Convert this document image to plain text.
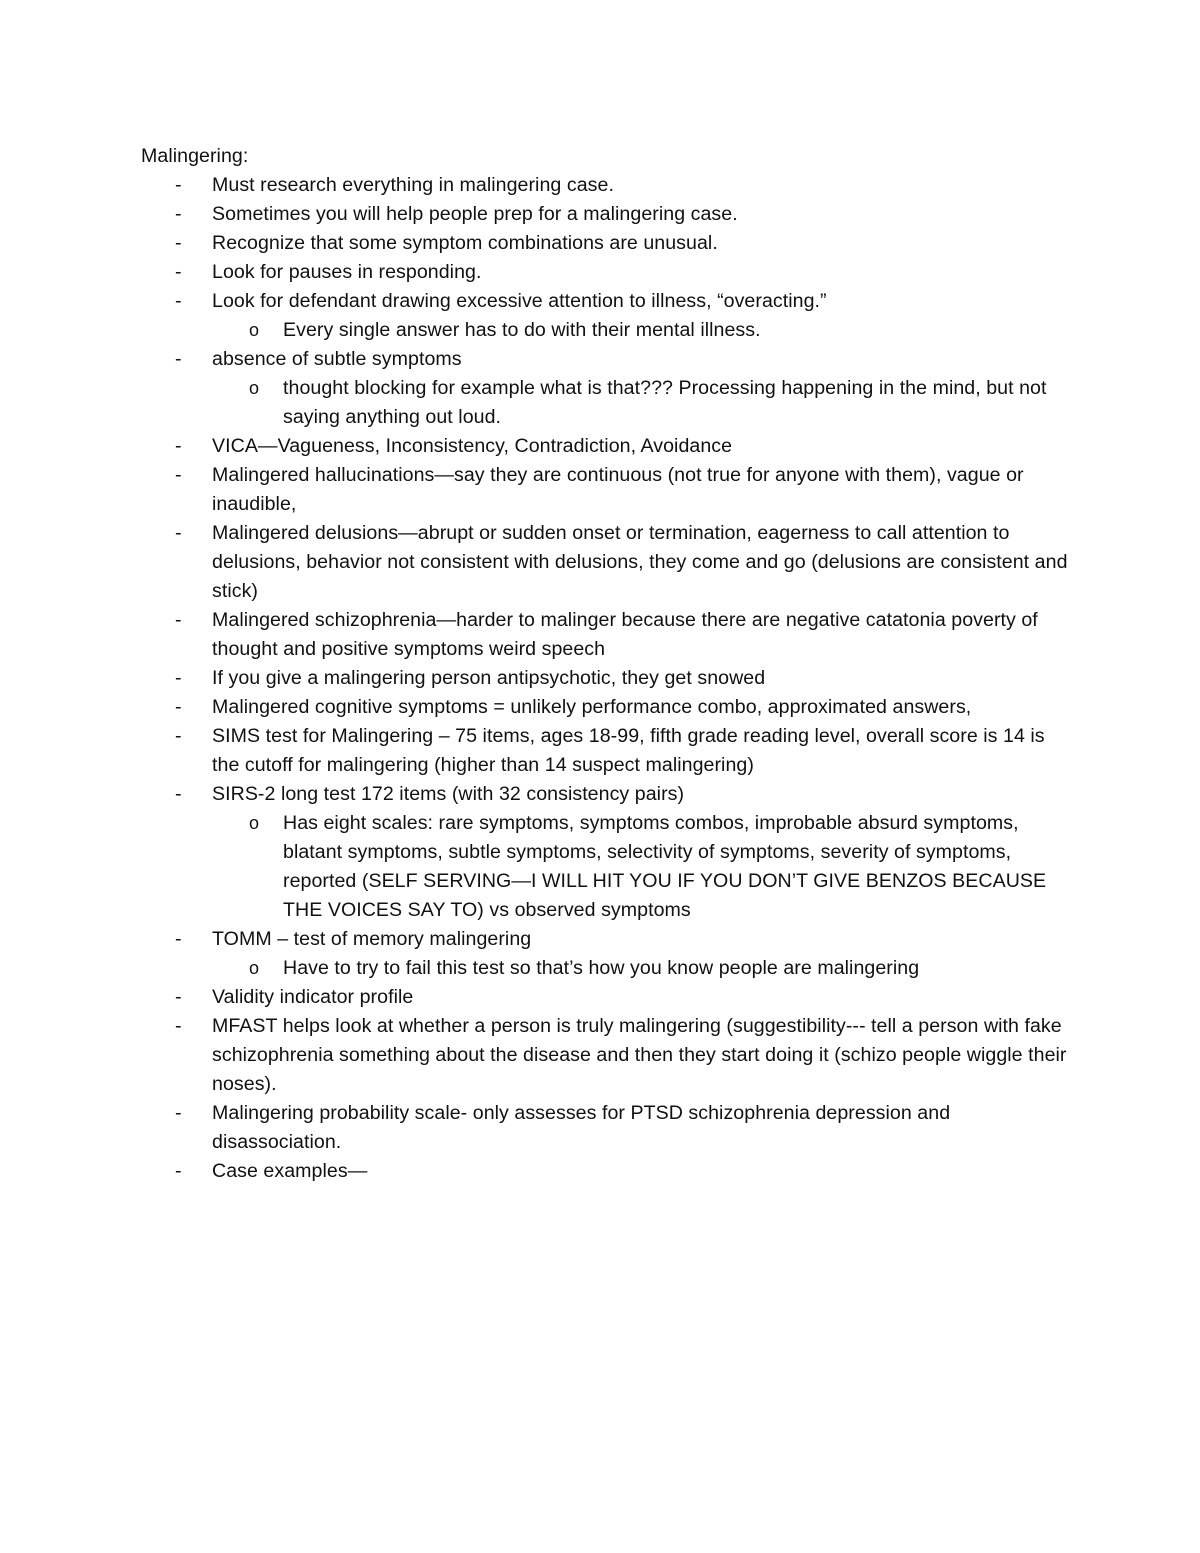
Malingering:

- Must research everything in malingering case.
- Sometimes you will help people prep for a malingering case.
- Recognize that some symptom combinations are unusual.
- Look for pauses in responding.
- Look for defendant drawing excessive attention to illness, “overacting.”
o Every single answer has to do with their mental illness.
- absence of subtle symptoms
o thought blocking for example what is that??? Processing happening in the mind, but not saying anything out loud.
- VICA—Vagueness, Inconsistency, Contradiction, Avoidance
- Malingered hallucinations—say they are continuous (not true for anyone with them), vague or inaudible,
- Malingered delusions—abrupt or sudden onset or termination, eagerness to call attention to delusions, behavior not consistent with delusions, they come and go (delusions are consistent and stick)
- Malingered schizophrenia—harder to malinger because there are negative catatonia poverty of thought and positive symptoms weird speech
- If you give a malingering person antipsychotic, they get snowed
- Malingered cognitive symptoms = unlikely performance combo, approximated answers,
- SIMS test for Malingering – 75 items, ages 18-99, fifth grade reading level, overall score is 14 is the cutoff for malingering (higher than 14 suspect malingering)
- SIRS-2 long test 172 items (with 32 consistency pairs)
o Has eight scales: rare symptoms, symptoms combos, improbable absurd symptoms, blatant symptoms, subtle symptoms, selectivity of symptoms, severity of symptoms, reported (SELF SERVING—I WILL HIT YOU IF YOU DON’T GIVE BENZOS BECAUSE THE VOICES SAY TO) vs observed symptoms
- TOMM – test of memory malingering
o Have to try to fail this test so that’s how you know people are malingering
- Validity indicator profile
- MFAST helps look at whether a person is truly malingering (suggestibility--- tell a person with fake schizophrenia something about the disease and then they start doing it (schizo people wiggle their noses).
- Malingering probability scale- only assesses for PTSD schizophrenia depression and disassociation.
- Case examples—
